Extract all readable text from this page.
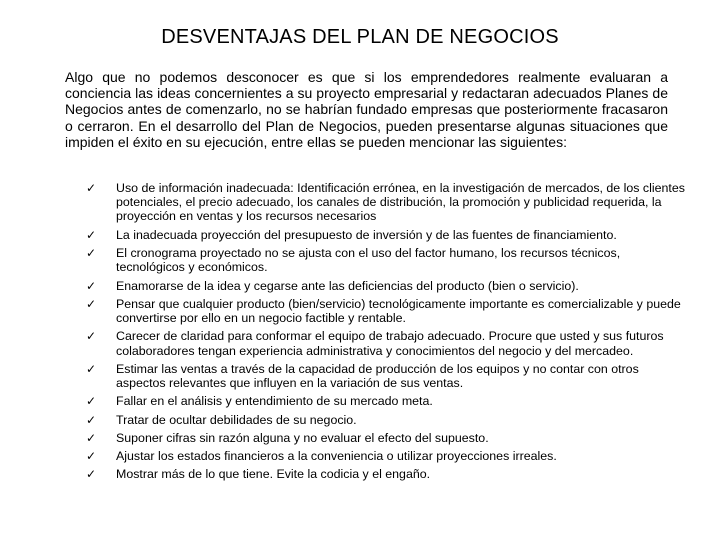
DESVENTAJAS DEL PLAN DE NEGOCIOS

Algo que no podemos desconocer es que si los emprendedores realmente evaluaran a conciencia las ideas concernientes a su proyecto empresarial y redactaran adecuados Planes de Negocios antes de comenzarlo, no se habrían fundado empresas que posteriormente fracasaron o cerraron. En el desarrollo del Plan de Negocios, pueden presentarse algunas situaciones que impiden el éxito en su ejecución, entre ellas se pueden mencionar las siguientes:

✓ Uso de información inadecuada: Identificación errónea, en la investigación de mercados, de los clientes potenciales, el precio adecuado, los canales de distribución, la promoción y publicidad requerida, la proyección en ventas y los recursos necesarios
✓ La inadecuada proyección del presupuesto de inversión y de las fuentes de financiamiento.
✓ El cronograma proyectado no se ajusta con el uso del factor humano, los recursos técnicos, tecnológicos y económicos.
✓ Enamorarse de la idea y cegarse ante las deficiencias del producto (bien o servicio).
✓ Pensar que cualquier producto (bien/servicio) tecnológicamente importante es comercializable y puede convertirse por ello en un negocio factible y rentable.
✓ Carecer de claridad para conformar el equipo de trabajo adecuado. Procure que usted y sus futuros colaboradores tengan experiencia administrativa y conocimientos del negocio y del mercadeo.
✓ Estimar las ventas a través de la capacidad de producción de los equipos y no contar con otros aspectos relevantes que influyen en la variación de sus ventas.
✓ Fallar en el análisis y entendimiento de su mercado meta.
✓ Tratar de ocultar debilidades de su negocio.
✓ Suponer cifras sin razón alguna y no evaluar el efecto del supuesto.
✓ Ajustar los estados financieros a la conveniencia o utilizar proyecciones irreales.
✓ Mostrar más de lo que tiene. Evite la codicia y el engaño.
